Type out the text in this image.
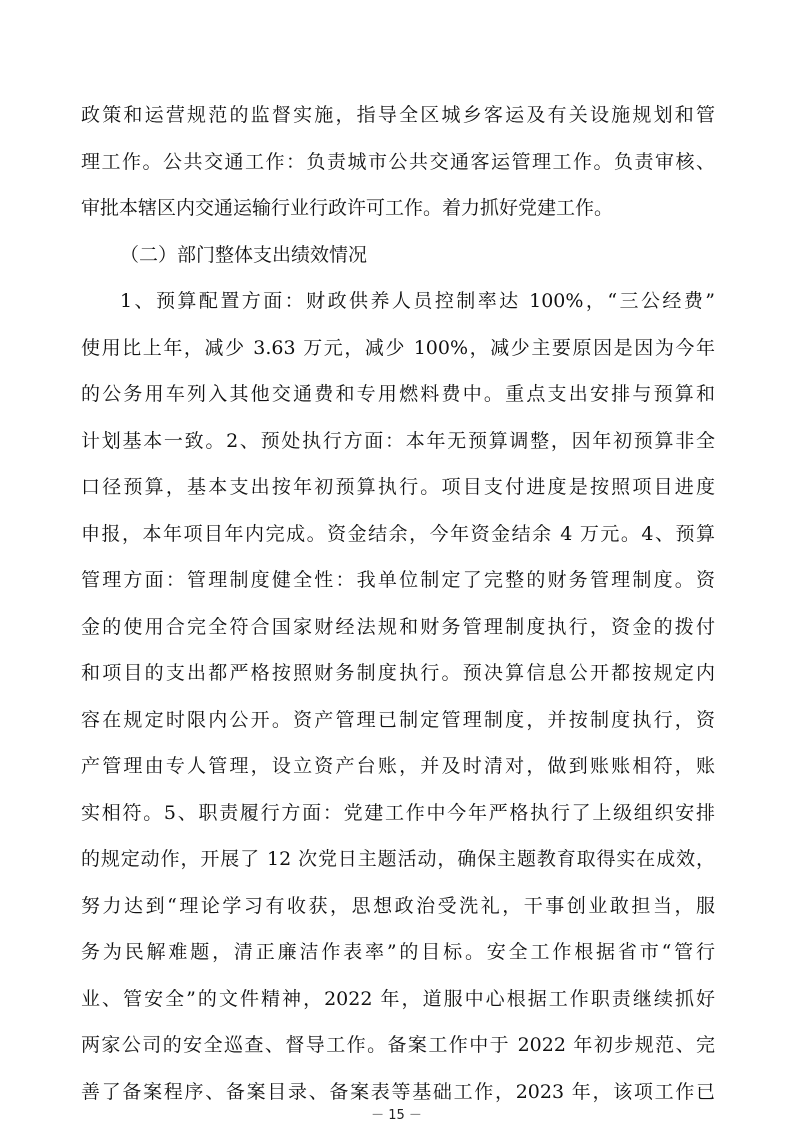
政策和运营规范的监督实施，指导全区城乡客运及有关设施规划和管
理工作。公共交通工作：负责城市公共交通客运管理工作。负责审核、
审批本辖区内交通运输行业行政许可工作。着力抓好党建工作。
（二）部门整体支出绩效情况
1、预算配置方面：财政供养人员控制率达 100%，“三公经费”
使用比上年，减少 3.63 万元，减少 100%，减少主要原因是因为今年
的公务用车列入其他交通费和专用燃料费中。重点支出安排与预算和
计划基本一致。2、预处执行方面：本年无预算调整，因年初预算非全
口径预算，基本支出按年初预算执行。项目支付进度是按照项目进度
申报，本年项目年内完成。资金结余，今年资金结余 4 万元。4、预算
管理方面：管理制度健全性：我单位制定了完整的财务管理制度。资
金的使用合完全符合国家财经法规和财务管理制度执行，资金的拨付
和项目的支出都严格按照财务制度执行。预决算信息公开都按规定内
容在规定时限内公开。资产管理已制定管理制度，并按制度执行，资
产管理由专人管理，设立资产台账，并及时清对，做到账账相符，账
实相符。5、职责履行方面：党建工作中今年严格执行了上级组织安排
的规定动作，开展了 12 次党日主题活动，确保主题教育取得实在成效，
努力达到“理论学习有收获，思想政治受洗礼，干事创业敢担当，服
务为民解难题，清正廉洁作表率”的目标。安全工作根据省市“管行
业、管安全”的文件精神，2022 年，道服中心根据工作职责继续抓好
两家公司的安全巡查、督导工作。备案工作中于 2022 年初步规范、完
善了备案程序、备案目录、备案表等基础工作，2023 年，该项工作已
－ 15 －
